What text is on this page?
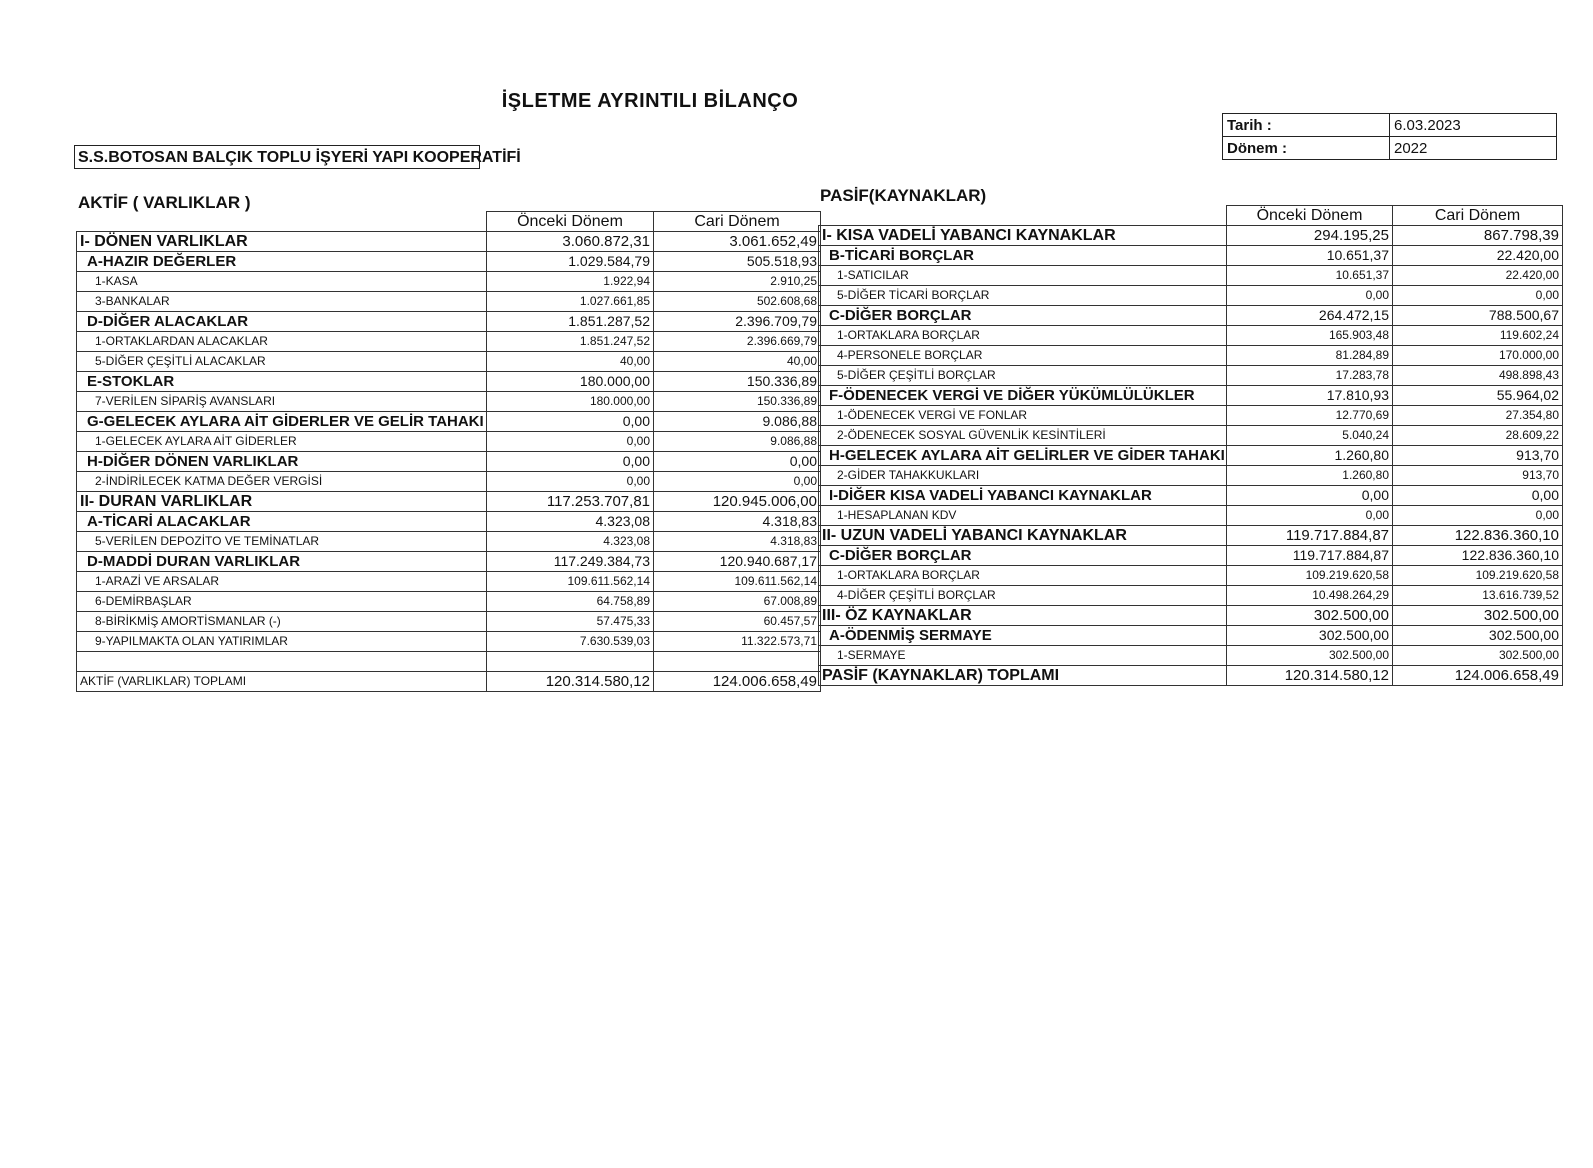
İŞLETME AYRINTILI BİLANÇO
S.S.BOTOSAN BALÇIK TOPLU İŞYERİ YAPI KOOPERATİFİ
Tarih :	6.03.2023
Dönem :	2022
AKTİF ( VARLIKLAR )	PASİF(KAYNAKLAR)
	Önceki Dönem	Cari Dönem
I- DÖNEN VARLIKLAR	3.060.872,31	3.061.652,49
A-HAZIR DEĞERLER	1.029.584,79	505.518,93
1-KASA	1.922,94	2.910,25
3-BANKALAR	1.027.661,85	502.608,68
D-DİĞER ALACAKLAR	1.851.287,52	2.396.709,79
1-ORTAKLARDAN ALACAKLAR	1.851.247,52	2.396.669,79
5-DİĞER ÇEŞİTLİ ALACAKLAR	40,00	40,00
E-STOKLAR	180.000,00	150.336,89
7-VERİLEN SİPARİŞ AVANSLARI	180.000,00	150.336,89
G-GELECEK AYLARA AİT GİDERLER VE GELİR TAHAKI	0,00	9.086,88
1-GELECEK AYLARA AİT GİDERLER	0,00	9.086,88
H-DİĞER DÖNEN VARLIKLAR	0,00	0,00
2-İNDİRİLECEK KATMA DEĞER VERGİSİ	0,00	0,00
II- DURAN VARLIKLAR	117.253.707,81	120.945.006,00
A-TİCARİ ALACAKLAR	4.323,08	4.318,83
5-VERİLEN DEPOZİTO VE TEMİNATLAR	4.323,08	4.318,83
D-MADDİ DURAN VARLIKLAR	117.249.384,73	120.940.687,17
1-ARAZİ VE ARSALAR	109.611.562,14	109.611.562,14
6-DEMİRBAŞLAR	64.758,89	67.008,89
8-BİRİKMİŞ AMORTİSMANLAR (-)	57.475,33	60.457,57
9-YAPILMAKTA OLAN YATIRIMLAR	7.630.539,03	11.322.573,71

AKTİF (VARLIKLAR) TOPLAMI	120.314.580,12	124.006.658,49
	Önceki Dönem	Cari Dönem
I- KISA VADELİ YABANCI KAYNAKLAR	294.195,25	867.798,39
B-TİCARİ BORÇLAR	10.651,37	22.420,00
1-SATICILAR	10.651,37	22.420,00
5-DİĞER TİCARİ BORÇLAR	0,00	0,00
C-DİĞER BORÇLAR	264.472,15	788.500,67
1-ORTAKLARA BORÇLAR	165.903,48	119.602,24
4-PERSONELE BORÇLAR	81.284,89	170.000,00
5-DİĞER ÇEŞİTLİ BORÇLAR	17.283,78	498.898,43
F-ÖDENECEK VERGİ VE DİĞER YÜKÜMLÜLÜKLER	17.810,93	55.964,02
1-ÖDENECEK VERGİ VE FONLAR	12.770,69	27.354,80
2-ÖDENECEK SOSYAL GÜVENLİK KESİNTİLERİ	5.040,24	28.609,22
H-GELECEK AYLARA AİT GELİRLER VE GİDER TAHAKI	1.260,80	913,70
2-GİDER TAHAKKUKLARI	1.260,80	913,70
I-DİĞER KISA VADELİ YABANCI KAYNAKLAR	0,00	0,00
1-HESAPLANAN KDV	0,00	0,00
II- UZUN VADELİ YABANCI KAYNAKLAR	119.717.884,87	122.836.360,10
C-DİĞER BORÇLAR	119.717.884,87	122.836.360,10
1-ORTAKLARA BORÇLAR	109.219.620,58	109.219.620,58
4-DİĞER ÇEŞİTLİ BORÇLAR	10.498.264,29	13.616.739,52
III- ÖZ KAYNAKLAR	302.500,00	302.500,00
A-ÖDENMİŞ SERMAYE	302.500,00	302.500,00
1-SERMAYE	302.500,00	302.500,00
PASİF (KAYNAKLAR) TOPLAMI	120.314.580,12	124.006.658,49
